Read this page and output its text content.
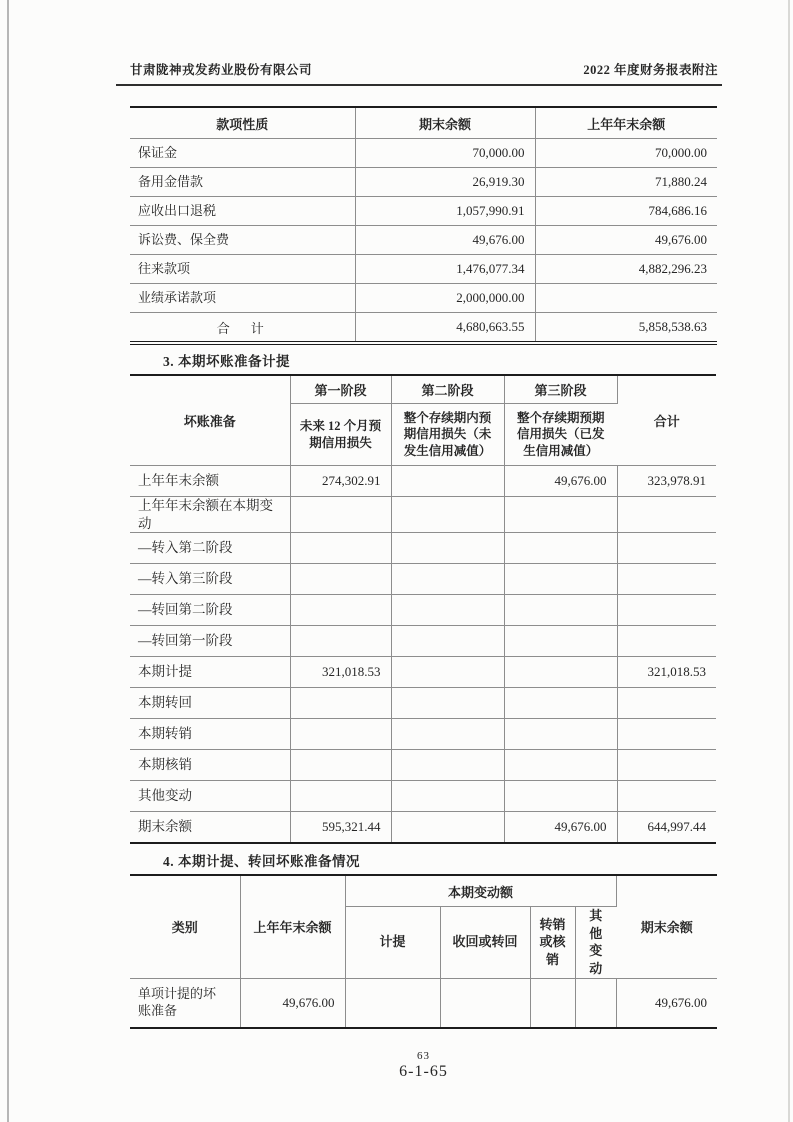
甘肃陇神戎发药业股份有限公司	2022 年度财务报表附注
款项性质	期末余额	上年年末余额
保证金	70,000.00	70,000.00
备用金借款	26,919.30	71,880.24
应收出口退税	1,057,990.91	784,686.16
诉讼费、保全费	49,676.00	49,676.00
往来款项	1,476,077.34	4,882,296.23
业绩承诺款项	2,000,000.00	
合　计	4,680,663.55	5,858,538.63
3. 本期坏账准备计提
坏账准备	第一阶段	第二阶段	第三阶段	合计
	未来 12 个月预期信用损失	整个存续期内预期信用损失（未发生信用减值）	整个存续期预期信用损失（已发生信用减值）	
上年年末余额	274,302.91		49,676.00	323,978.91
上年年末余额在本期变动				
—转入第二阶段				
—转入第三阶段				
—转回第二阶段				
—转回第一阶段				
本期计提	321,018.53			321,018.53
本期转回				
本期转销				
本期核销				
其他变动				
期末余额	595,321.44		49,676.00	644,997.44
4. 本期计提、转回坏账准备情况
类别	上年年末余额	本期变动额				期末余额
		计提	收回或转回	转销或核销	其他变动	
单项计提的坏账准备	49,676.00					49,676.00
63
6-1-65
